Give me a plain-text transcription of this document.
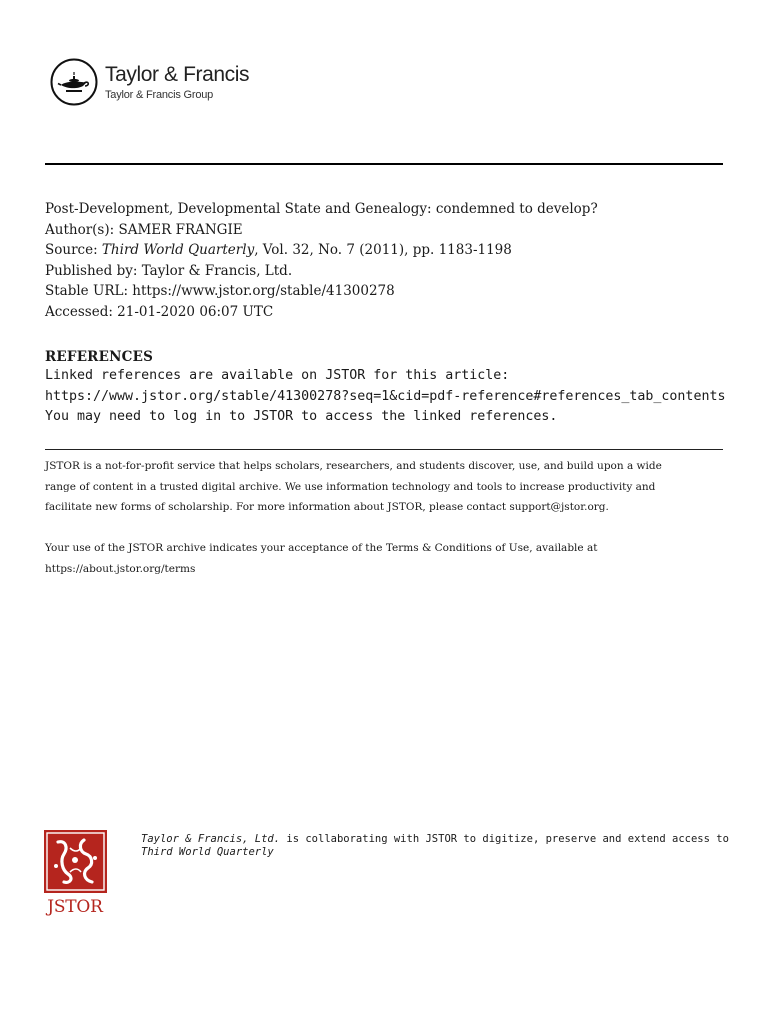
Taylor & Francis
Taylor & Francis Group
Post-Development, Developmental State and Genealogy: condemned to develop?
Author(s): SAMER FRANGIE
Source: Third World Quarterly, Vol. 32, No. 7 (2011), pp. 1183-1198
Published by: Taylor & Francis, Ltd.
Stable URL: https://www.jstor.org/stable/41300278
Accessed: 21-01-2020 06:07 UTC
REFERENCES
Linked references are available on JSTOR for this article:
https://www.jstor.org/stable/41300278?seq=1&cid=pdf-reference#references_tab_contents
You may need to log in to JSTOR to access the linked references.

JSTOR is a not-for-profit service that helps scholars, researchers, and students discover, use, and build upon a wide

range of content in a trusted digital archive. We use information technology and tools to increase productivity and

facilitate new forms of scholarship. For more information about JSTOR, please contact support@jstor.org.

Your use of the JSTOR archive indicates your acceptance of the Terms & Conditions of Use, available at

https://about.jstor.org/terms

JSTOR
Taylor & Francis, Ltd. is collaborating with JSTOR to digitize, preserve and extend access to
Third World Quarterly
